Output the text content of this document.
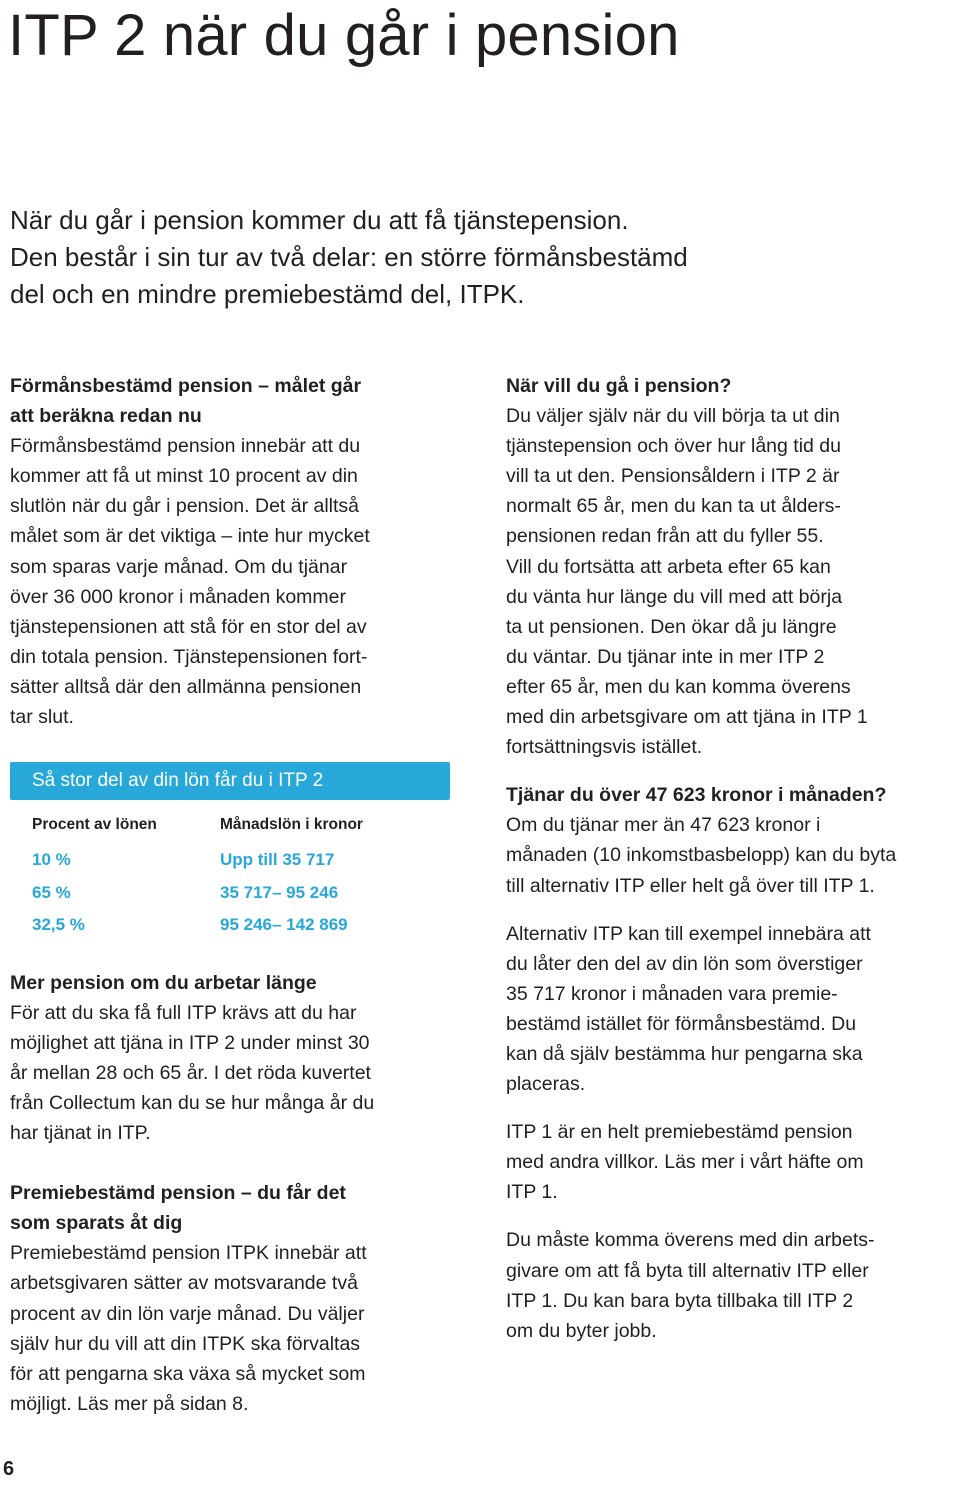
ITP 2 när du går i pension

När du går i pension kommer du att få tjänstepension.
Den består i sin tur av två delar: en större förmånsbestämd
del och en mindre premiebestämd del, ITPK.

Förmånsbestämd pension – målet går
att beräkna redan nu

Förmånsbestämd pension innebär att du
kommer att få ut minst 10 procent av din
slutlön när du går i pension. Det är alltså
målet som är det viktiga – inte hur mycket
som sparas varje månad. Om du tjänar
över 36 000 kronor i månaden kommer
tjänstepensionen att stå för en stor del av
din totala pension. Tjänstepensionen fort-
sätter alltså där den allmänna pensionen
tar slut.

Så stor del av din lön får du i ITP 2
Procent av lönen	Månadslön i kronor
10 %	Upp till 35 717
65 %	35 717– 95 246
32,5 %	95 246– 142 869

Mer pension om du arbetar länge

För att du ska få full ITP krävs att du har
möjlighet att tjäna in ITP 2 under minst 30
år mellan 28 och 65 år. I det röda kuvertet
från Collectum kan du se hur många år du
har tjänat in ITP.

Premiebestämd pension – du får det
som sparats åt dig

Premiebestämd pension ITPK innebär att
arbetsgivaren sätter av motsvarande två
procent av din lön varje månad. Du väljer
själv hur du vill att din ITPK ska förvaltas
för att pengarna ska växa så mycket som
möjligt. Läs mer på sidan 8.

När vill du gå i pension?

Du väljer själv när du vill börja ta ut din
tjänstepension och över hur lång tid du
vill ta ut den. Pensionsåldern i ITP 2 är
normalt 65 år, men du kan ta ut ålders-
pensionen redan från att du fyller 55.
Vill du fortsätta att arbeta efter 65 kan
du vänta hur länge du vill med att börja
ta ut pensionen. Den ökar då ju längre
du väntar. Du tjänar inte in mer ITP 2
efter 65 år, men du kan komma överens
med din arbetsgivare om att tjäna in ITP 1
fortsättningsvis istället.

Tjänar du över 47 623 kronor i månaden?

Om du tjänar mer än 47 623 kronor i
månaden (10 inkomstbasbelopp) kan du byta
till alternativ ITP eller helt gå över till ITP 1.

Alternativ ITP kan till exempel innebära att
du låter den del av din lön som överstiger
35 717 kronor i månaden vara premie-
bestämd istället för förmånsbestämd. Du
kan då själv bestämma hur pengarna ska
placeras.

ITP 1 är en helt premiebestämd pension
med andra villkor. Läs mer i vårt häfte om
ITP 1.

Du måste komma överens med din arbets-
givare om att få byta till alternativ ITP eller
ITP 1. Du kan bara byta tillbaka till ITP 2
om du byter jobb.

6
